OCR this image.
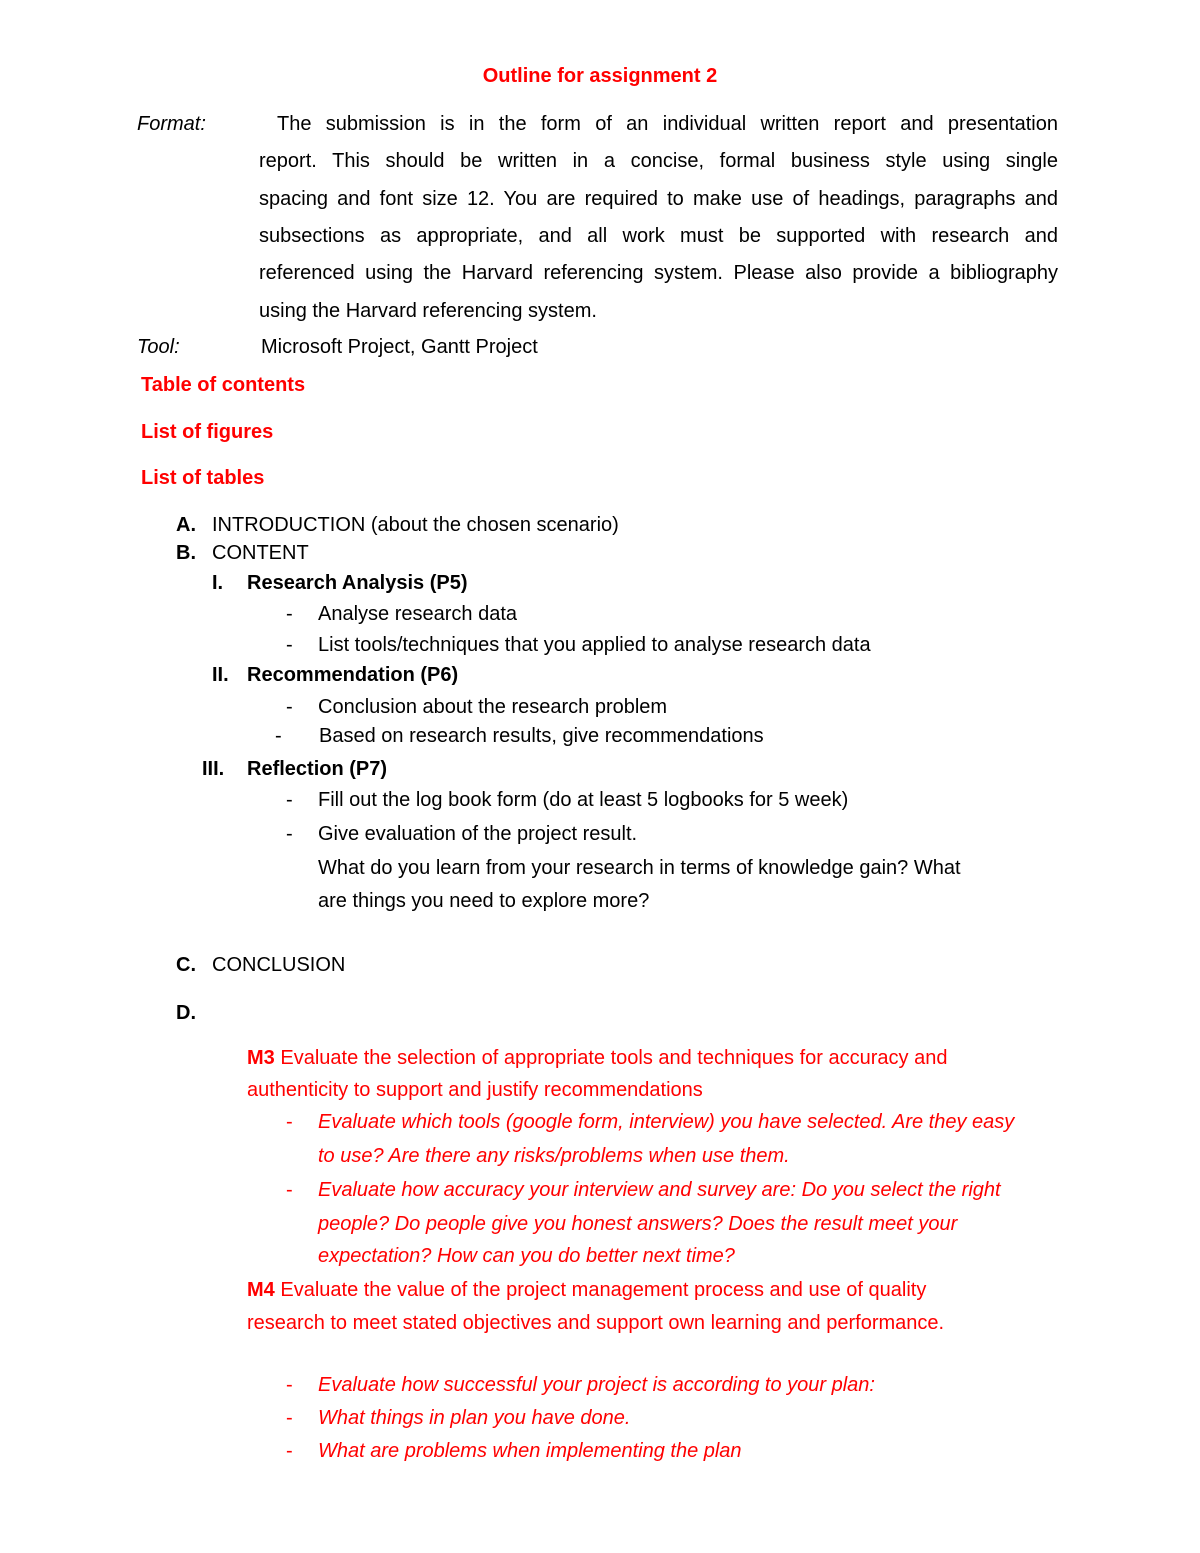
Outline for assignment 2
Format:	The submission is in the form of an individual written report and presentation
report. This should be written in a concise, formal business style using single
spacing and font size 12. You are required to make use of headings, paragraphs and
subsections as appropriate, and all work must be supported with research and
referenced using the Harvard referencing system. Please also provide a bibliography
using the Harvard referencing system.
Tool:	Microsoft Project, Gantt Project
Table of contents
List of figures
List of tables
A. INTRODUCTION (about the chosen scenario)
B. CONTENT
I. Research Analysis (P5)
- Analyse research data
- List tools/techniques that you applied to analyse research data
II. Recommendation (P6)
- Conclusion about the research problem
- Based on research results, give recommendations
III. Reflection (P7)
- Fill out the log book form (do at least 5 logbooks for 5 week)
- Give evaluation of the project result.
What do you learn from your research in terms of knowledge gain? What
are things you need to explore more?
C. CONCLUSION
D.
M3 Evaluate the selection of appropriate tools and techniques for accuracy and
authenticity to support and justify recommendations
- Evaluate which tools (google form, interview) you have selected. Are they easy
to use? Are there any risks/problems when use them.
- Evaluate how accuracy your interview and survey are: Do you select the right
people? Do people give you honest answers? Does the result meet your
expectation? How can you do better next time?
M4 Evaluate the value of the project management process and use of quality
research to meet stated objectives and support own learning and performance.
- Evaluate how successful your project is according to your plan:
- What things in plan you have done.
- What are problems when implementing the plan
